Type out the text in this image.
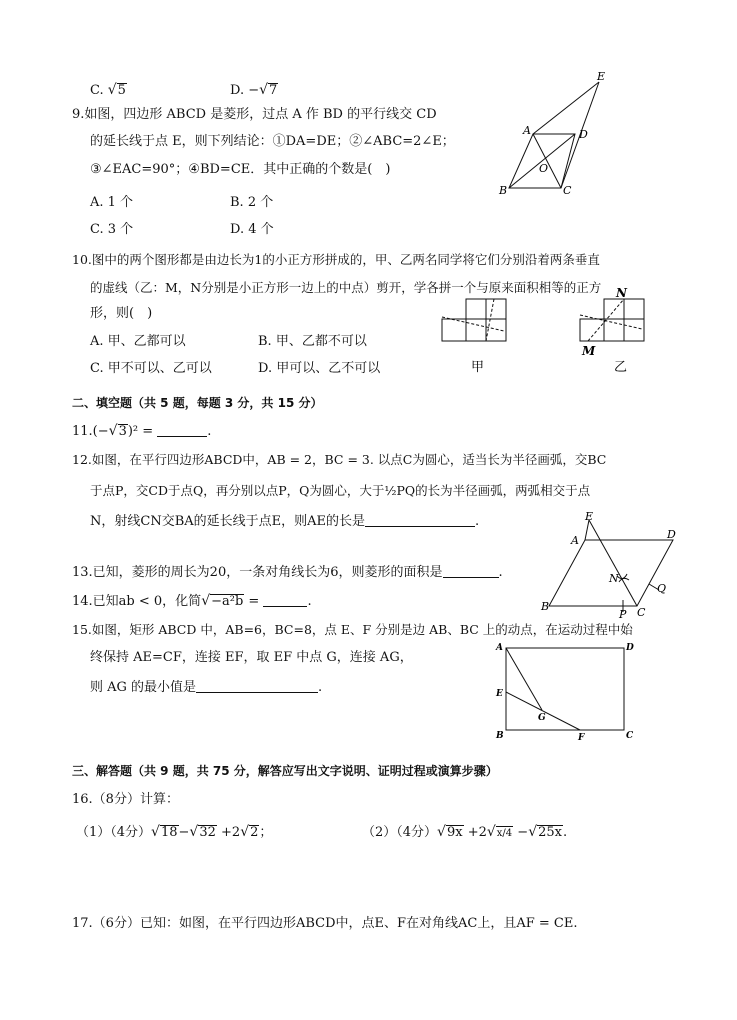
C. √5	D. −√7
9.如图，四边形 ABCD 是菱形，过点 A 作 BD 的平行线交 CD
的延长线于点 E，则下列结论：①DA=DE；②∠ABC=2∠E；
③∠EAC=90°；④BD=CE．其中正确的个数是(　)
A. 1 个	B. 2 个
C. 3 个	D. 4 个
E
A	D
O
B	C
10.图中的两个图形都是由边长为1的小正方形拼成的，甲、乙两名同学将它们分别沿着两条垂直
的虚线（乙：M，N分别是小正方形一边上的中点）剪开，学各拼一个与原来面积相等的正方
形，则(　)
A. 甲、乙都可以	B. 甲、乙都不可以
C. 甲不可以、乙可以	D. 甲可以、乙不可以	甲
N
M
乙
二、填空题（共 5 题，每题 3 分，共 15 分）
11.(−√3)² =	.
12.如图，在平行四边形ABCD中，AB = 2，BC = 3. 以点C为圆心，适当长为半径画弧，交BC
于点P，交CD于点Q，再分别以点P，Q为圆心，大于½PQ的长为半径画弧，两弧相交于点
N，射线CN交BA的延长线于点E，则AE的长是	.	E
A	D
N
Q
B
P C
13.已知，菱形的周长为20，一条对角线长为6，则菱形的面积是	.
14.已知ab < 0，化简√−a²b =	.
15.如图，矩形 ABCD 中，AB=6，BC=8，点 E、F 分别是边 AB、BC 上的动点，在运动过程中始
终保持 AE=CF，连接 EF，取 EF 中点 G，连接 AG，
则 AG 的最小值是	.
A	D
E
G
B	F	C
三、解答题（共 9 题，共 75 分，解答应写出文字说明、证明过程或演算步骤）
16.（8分）计算：
（1）（4分）√18−√32 +2√2；	（2）（4分）√9x +2√x/4 −√25x.
17.（6分）已知：如图，在平行四边形ABCD中，点E、F在对角线AC上，且AF = CE.
